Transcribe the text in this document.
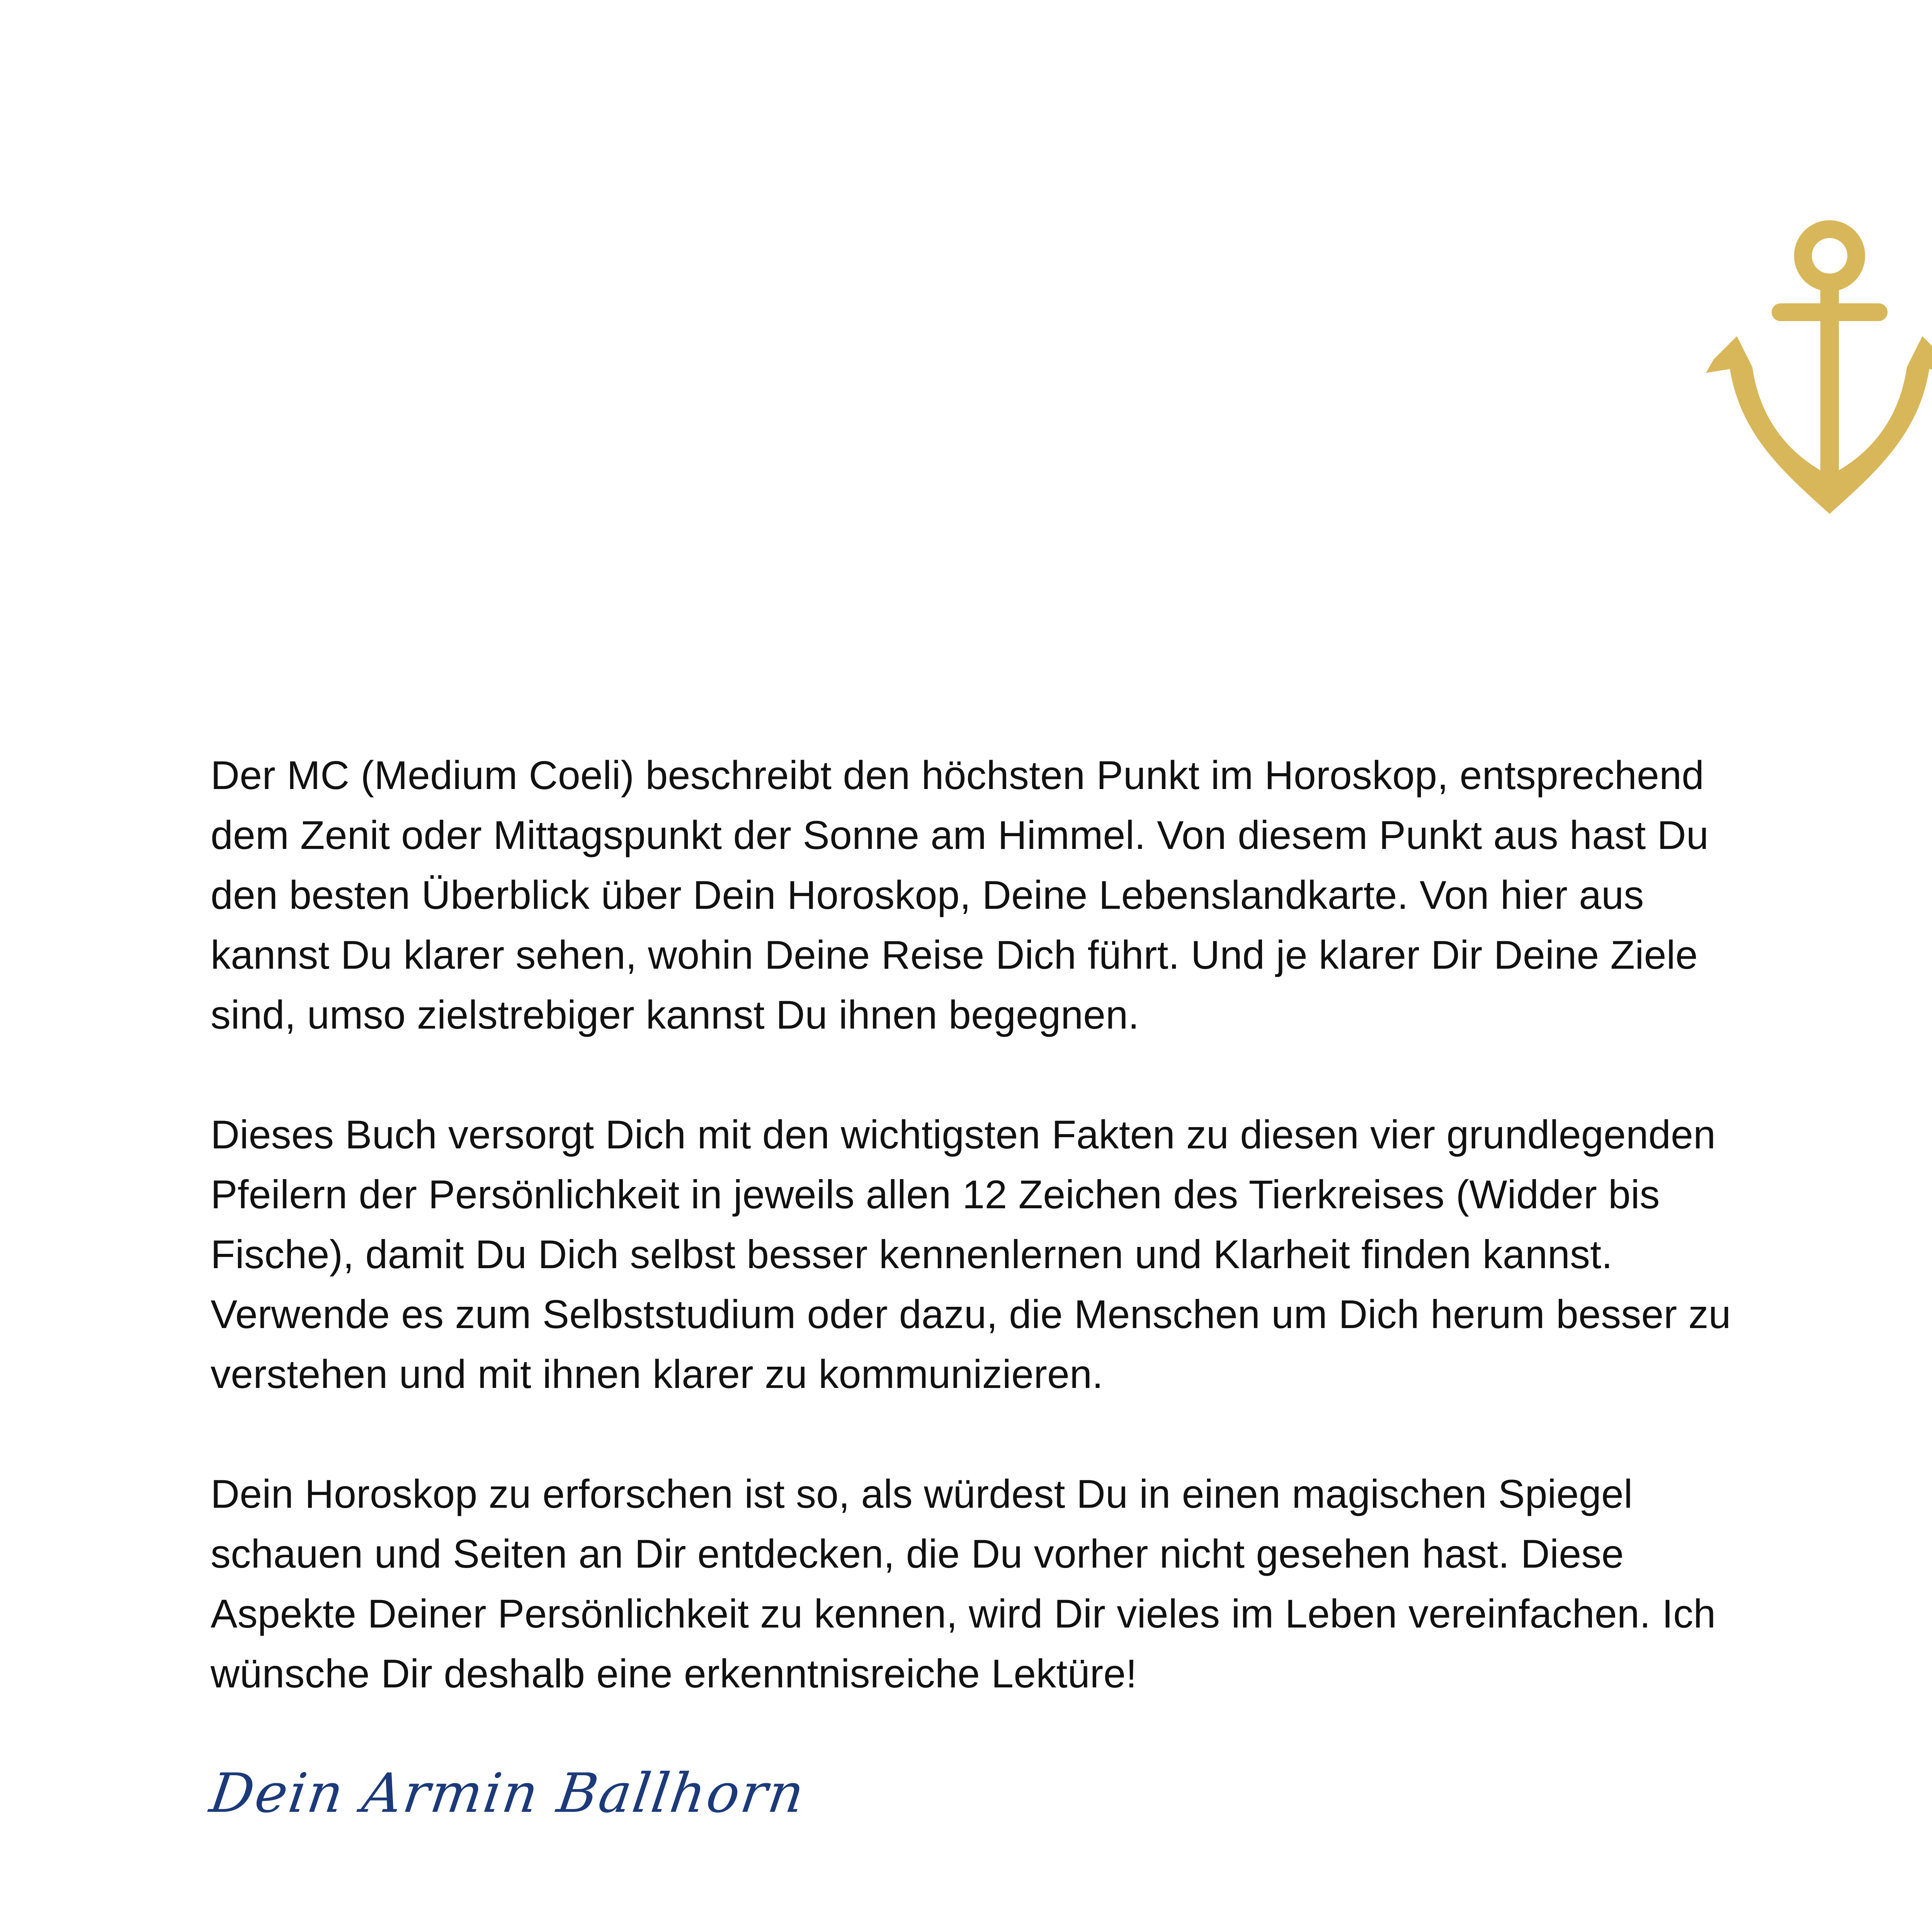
Der MC (Medium Coeli) beschreibt den höchsten Punkt im Horoskop, entsprechend
dem Zenit oder Mittagspunkt der Sonne am Himmel. Von diesem Punkt aus hast Du
den besten Überblick über Dein Horoskop, Deine Lebenslandkarte. Von hier aus
kannst Du klarer sehen, wohin Deine Reise Dich führt. Und je klarer Dir Deine Ziele
sind, umso zielstrebiger kannst Du ihnen begegnen.

Dieses Buch versorgt Dich mit den wichtigsten Fakten zu diesen vier grundlegenden
Pfeilern der Persönlichkeit in jeweils allen 12 Zeichen des Tierkreises (Widder bis
Fische), damit Du Dich selbst besser kennenlernen und Klarheit finden kannst.
Verwende es zum Selbststudium oder dazu, die Menschen um Dich herum besser zu
verstehen und mit ihnen klarer zu kommunizieren.

Dein Horoskop zu erforschen ist so, als würdest Du in einen magischen Spiegel
schauen und Seiten an Dir entdecken, die Du vorher nicht gesehen hast. Diese
Aspekte Deiner Persönlichkeit zu kennen, wird Dir vieles im Leben vereinfachen. Ich
wünsche Dir deshalb eine erkenntnisreiche Lektüre!

Dein Armin Ballhorn
